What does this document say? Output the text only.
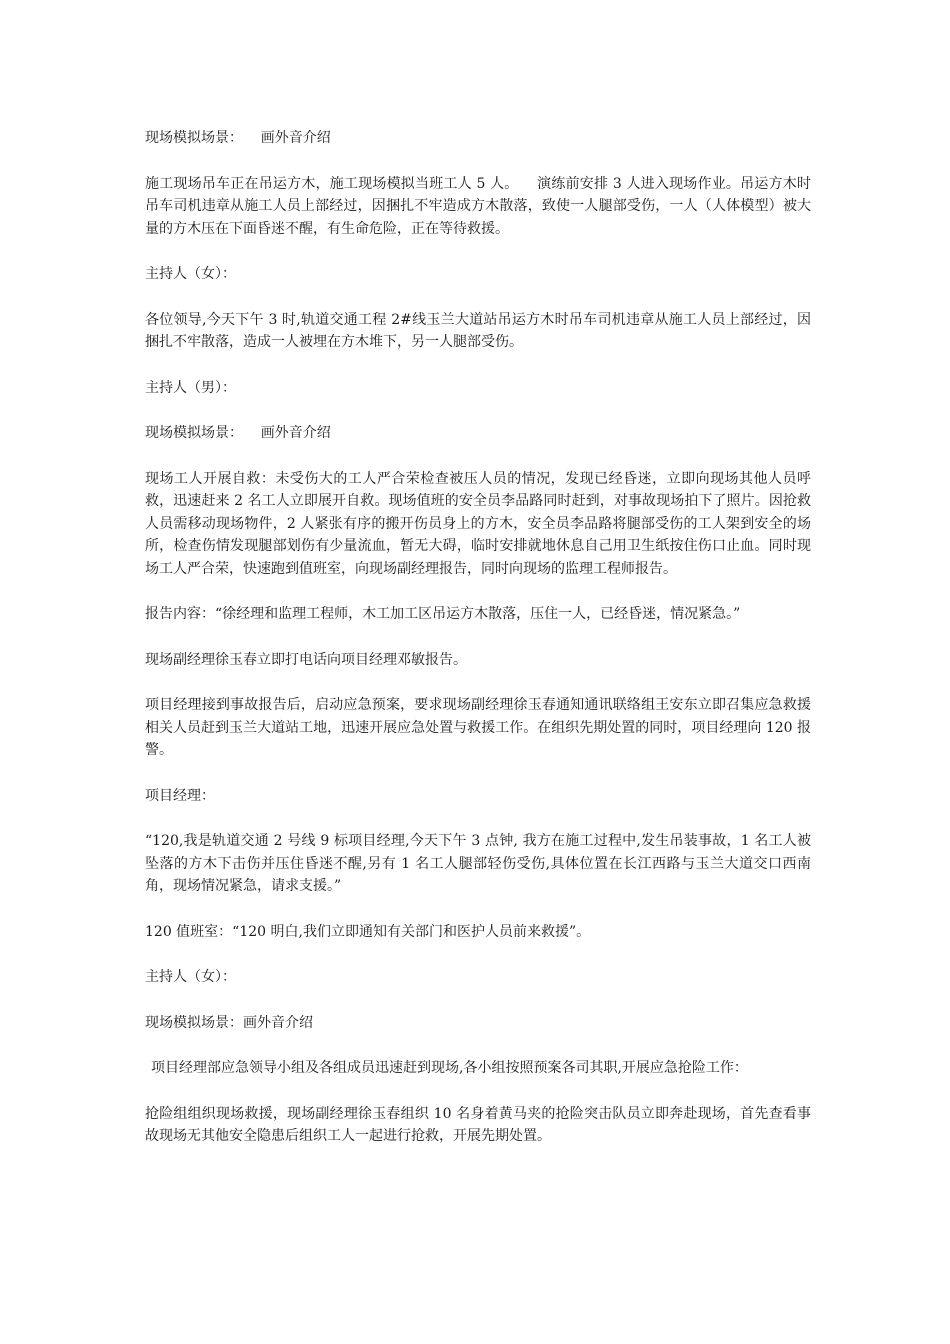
现场模拟场景：    画外音介绍

施工现场吊车正在吊运方木，施工现场模拟当班工人 5 人。    演练前安排 3 人进入现场作业。吊运方木时吊车司机违章从施工人员上部经过，因捆扎不牢造成方木散落，致使一人腿部受伤，一人（人体模型）被大量的方木压在下面昏迷不醒，有生命危险，正在等待救援。

主持人（女）：

各位领导,今天下午 3 时,轨道交通工程 2#线玉兰大道站吊运方木时吊车司机违章从施工人员上部经过，因捆扎不牢散落，造成一人被埋在方木堆下，另一人腿部受伤。

主持人（男）：

现场模拟场景：    画外音介绍

现场工人开展自救：未受伤大的工人严合荣检查被压人员的情况，发现已经昏迷，立即向现场其他人员呼救，迅速赶来 2 名工人立即展开自救。现场值班的安全员李品路同时赶到，对事故现场拍下了照片。因抢救人员需移动现场物件，2 人紧张有序的搬开伤员身上的方木，安全员李品路将腿部受伤的工人架到安全的场所，检查伤情发现腿部划伤有少量流血，暂无大碍，临时安排就地休息自己用卫生纸按住伤口止血。同时现场工人严合荣，快速跑到值班室，向现场副经理报告，同时向现场的监理工程师报告。

报告内容：“徐经理和监理工程师，木工加工区吊运方木散落，压住一人，已经昏迷，情况紧急。”

现场副经理徐玉春立即打电话向项目经理邓敏报告。

项目经理接到事故报告后，启动应急预案，要求现场副经理徐玉春通知通讯联络组王安东立即召集应急救援相关人员赶到玉兰大道站工地，迅速开展应急处置与救援工作。在组织先期处置的同时，项目经理向 120 报警。

项目经理：

“120,我是轨道交通 2 号线 9 标项目经理,今天下午 3 点钟, 我方在施工过程中,发生吊装事故，1 名工人被坠落的方木下击伤并压住昏迷不醒,另有 1 名工人腿部轻伤受伤,具体位置在长江西路与玉兰大道交口西南角，现场情况紧急，请求支援。”

120 值班室：“120 明白,我们立即通知有关部门和医护人员前来救援”。

主持人（女）：

现场模拟场景：画外音介绍

项目经理部应急领导小组及各组成员迅速赶到现场,各小组按照预案各司其职,开展应急抢险工作：

抢险组组织现场救援，现场副经理徐玉春组织 10 名身着黄马夹的抢险突击队员立即奔赴现场，首先查看事故现场无其他安全隐患后组织工人一起进行抢救，开展先期处置。
